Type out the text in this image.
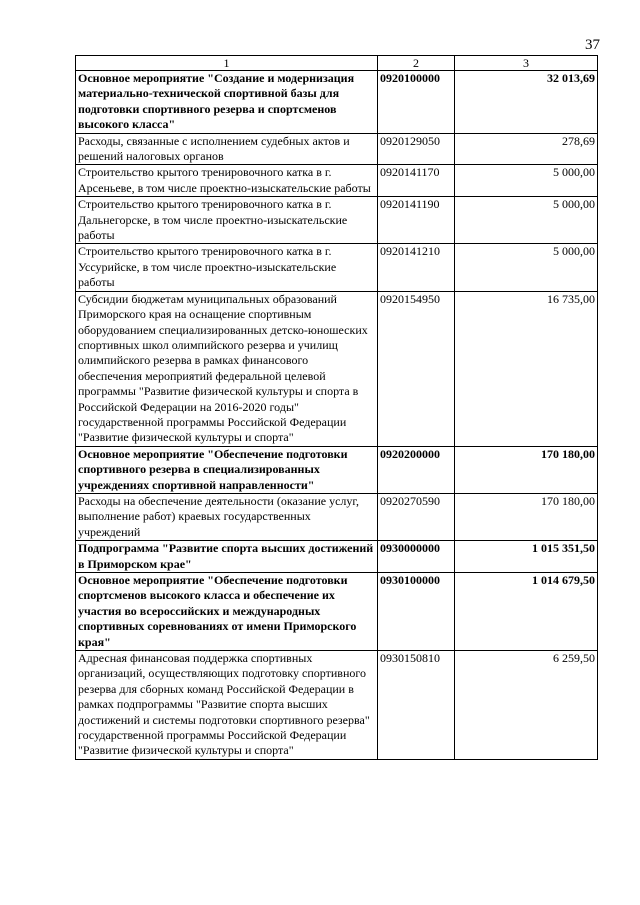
37
1	2	3
Основное мероприятие "Создание и модернизация материально-технической спортивной базы для подготовки спортивного резерва и спортсменов высокого класса"	0920100000	32 013,69
Расходы, связанные с исполнением судебных актов и решений налоговых органов	0920129050	278,69
Строительство крытого тренировочного катка в г. Арсеньеве, в том числе проектно-изыскательские работы	0920141170	5 000,00
Строительство крытого тренировочного катка в г. Дальнегорске, в том числе проектно-изыскательские работы	0920141190	5 000,00
Строительство крытого тренировочного катка в г. Уссурийске, в том числе проектно-изыскательские работы	0920141210	5 000,00
Субсидии бюджетам муниципальных образований Приморского края на оснащение спортивным оборудованием специализированных детско-юношеских спортивных школ олимпийского резерва и училищ олимпийского резерва в рамках финансового обеспечения мероприятий федеральной целевой программы "Развитие физической культуры и спорта в Российской Федерации на 2016-2020 годы" государственной программы Российской Федерации "Развитие физической культуры и спорта"	0920154950	16 735,00
Основное мероприятие "Обеспечение подготовки спортивного резерва в специализированных учреждениях спортивной направленности"	0920200000	170 180,00
Расходы на обеспечение деятельности (оказание услуг, выполнение работ) краевых государственных учреждений	0920270590	170 180,00
Подпрограмма "Развитие спорта высших достижений в Приморском крае"	0930000000	1 015 351,50
Основное мероприятие "Обеспечение подготовки спортсменов высокого класса и обеспечение их участия во всероссийских и международных спортивных соревнованиях от имени Приморского края"	0930100000	1 014 679,50
Адресная финансовая поддержка спортивных организаций, осуществляющих подготовку спортивного резерва для сборных команд Российской Федерации в рамках подпрограммы "Развитие спорта высших достижений и системы подготовки спортивного резерва" государственной программы Российской Федерации "Развитие физической культуры и спорта"	0930150810	6 259,50
